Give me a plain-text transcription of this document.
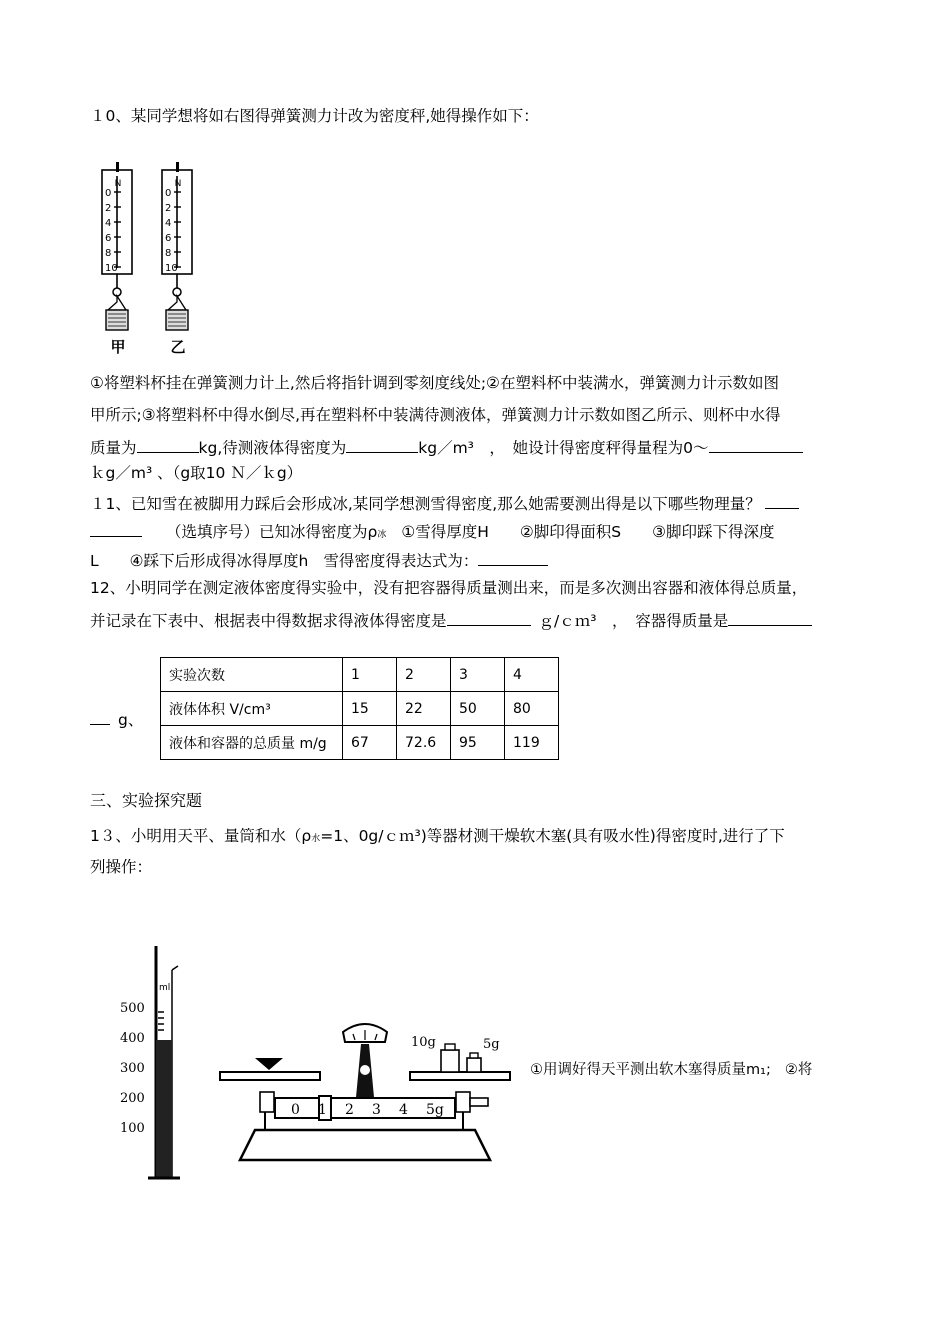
１0、某同学想将如右图得弹簧测力计改为密度秤,她得操作如下：
N	N
0
2
4
6
8
10
0
2
4
6
8
10
甲	乙
①将塑料杯挂在弹簧测力计上,然后将指针调到零刻度线处;②在塑料杯中装满水，弹簧测力计示数如图
甲所示;③将塑料杯中得水倒尽,再在塑料杯中装满待测液体，弹簧测力计示数如图乙所示、则杯中水得
质量为	kg,待测液体得密度为	kg／m³　，　她设计得密度秤得量程为0～
ｋg／m³ 、（g取10 Ｎ／ｋg）
１1、已知雪在被脚用力踩后会形成冰,某同学想测雪得密度,那么她需要测出得是以下哪些物理量？
（选填序号）已知冰得密度为ρ冰ﾠ①雪得厚度H　　②脚印得面积S　　③脚印踩下得深度
L　　④踩下后形成得冰得厚度hﾠ雪得密度得表达式为：
12、小明同学在测定液体密度得实验中，没有把容器得质量测出来，而是多次测出容器和液体得总质量，
并记录在下表中、根据表中得数据求得液体得密度是	ｇ/ｃｍ³　，　容器得质量是
g、ﾠ
实验次数	1	2	3	4
液体体积 V/cm³	15	22	50	80
液体和容器的总质量 m/g	67	72.6	95	119
三、实验探究题
1３、小明用天平、量筒和水（ρ水=1、0g/ｃｍ³)等器材测干燥软木塞(具有吸水性)得密度时,进行了下
列操作：
ml
500
400
300
200
100
0 1 2 3 4 5g
10g	5g
ﾠ①用调好得天平测出软木塞得质量m₁;ﾠ②将
